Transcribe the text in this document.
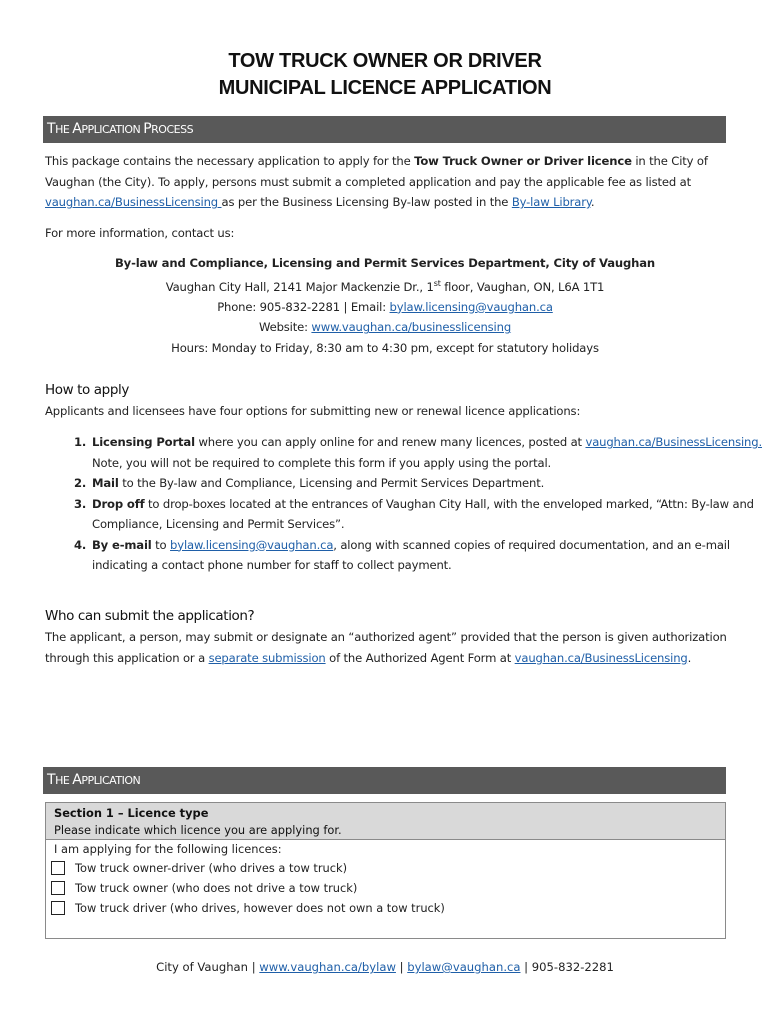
TOW TRUCK OWNER OR DRIVER
MUNICIPAL LICENCE APPLICATION
THE APPLICATION PROCESS
This package contains the necessary application to apply for the Tow Truck Owner or Driver licence in the City of Vaughan (the City). To apply, persons must submit a completed application and pay the applicable fee as listed at vaughan.ca/BusinessLicensing as per the Business Licensing By-law posted in the By-law Library.
For more information, contact us:
By-law and Compliance, Licensing and Permit Services Department, City of Vaughan
Vaughan City Hall, 2141 Major Mackenzie Dr., 1st floor, Vaughan, ON, L6A 1T1
Phone: 905-832-2281 | Email: bylaw.licensing@vaughan.ca
Website: www.vaughan.ca/businesslicensing
Hours: Monday to Friday, 8:30 am to 4:30 pm, except for statutory holidays
How to apply
Applicants and licensees have four options for submitting new or renewal licence applications:
1. Licensing Portal where you can apply online for and renew many licences, posted at vaughan.ca/BusinessLicensing. Note, you will not be required to complete this form if you apply using the portal.
2. Mail to the By-law and Compliance, Licensing and Permit Services Department.
3. Drop off to drop-boxes located at the entrances of Vaughan City Hall, with the enveloped marked, “Attn: By-law and Compliance, Licensing and Permit Services”.
4. By e-mail to bylaw.licensing@vaughan.ca, along with scanned copies of required documentation, and an e-mail indicating a contact phone number for staff to collect payment.
Who can submit the application?
The applicant, a person, may submit or designate an “authorized agent” provided that the person is given authorization through this application or a separate submission of the Authorized Agent Form at vaughan.ca/BusinessLicensing.
THE APPLICATION
Section 1 – Licence type
Please indicate which licence you are applying for.
I am applying for the following licences:
Tow truck owner-driver (who drives a tow truck)
Tow truck owner (who does not drive a tow truck)
Tow truck driver (who drives, however does not own a tow truck)
City of Vaughan | www.vaughan.ca/bylaw | bylaw@vaughan.ca | 905-832-2281
